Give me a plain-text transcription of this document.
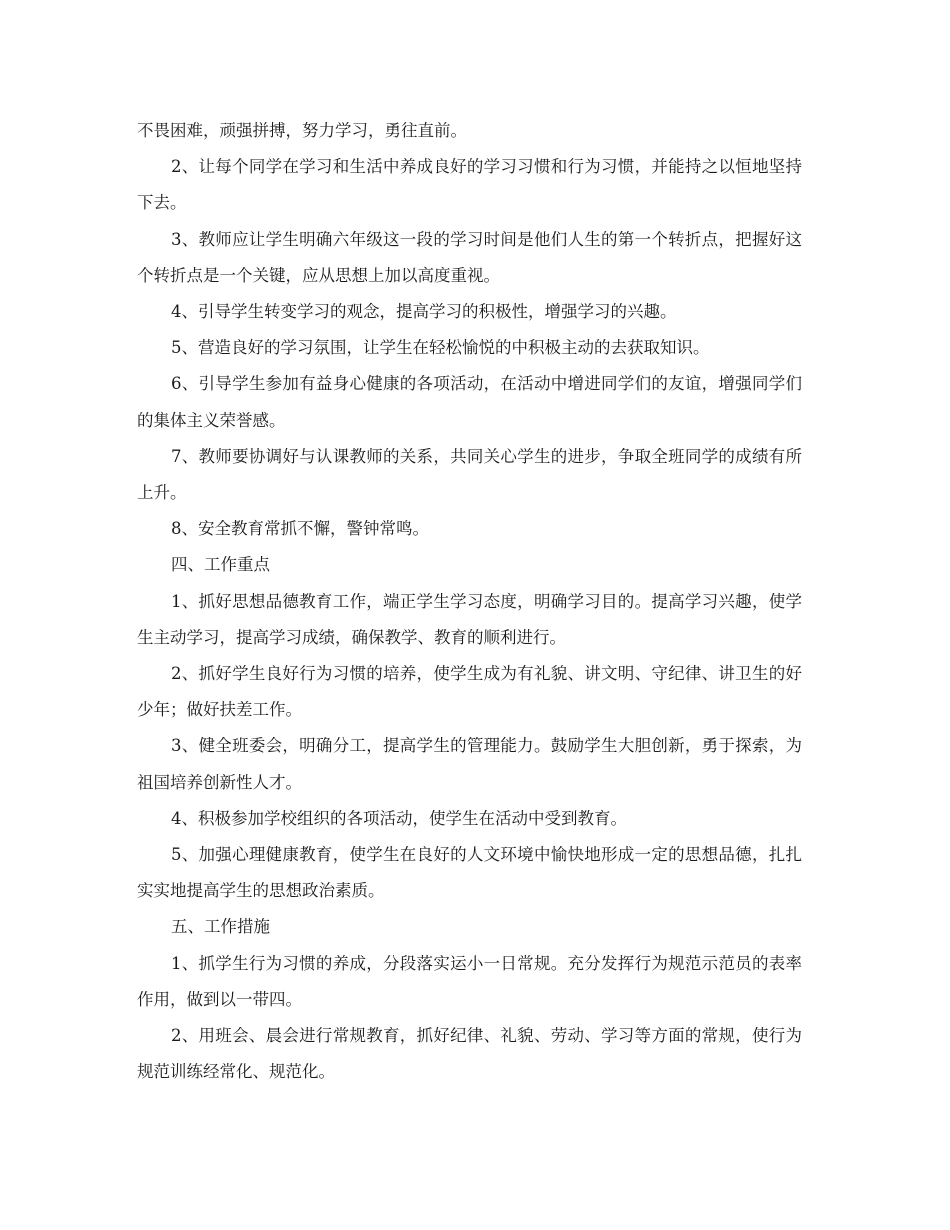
不畏困难，顽强拼搏，努力学习，勇往直前。

2、让每个同学在学习和生活中养成良好的学习习惯和行为习惯，并能持之以恒地坚持下去。

3、教师应让学生明确六年级这一段的学习时间是他们人生的第一个转折点，把握好这个转折点是一个关键，应从思想上加以高度重视。

4、引导学生转变学习的观念，提高学习的积极性，增强学习的兴趣。

5、营造良好的学习氛围，让学生在轻松愉悦的中积极主动的去获取知识。

6、引导学生参加有益身心健康的各项活动，在活动中增进同学们的友谊，增强同学们的集体主义荣誉感。

7、教师要协调好与认课教师的关系，共同关心学生的进步，争取全班同学的成绩有所上升。

8、安全教育常抓不懈，警钟常鸣。

四、工作重点

1、抓好思想品德教育工作，端正学生学习态度，明确学习目的。提高学习兴趣，使学生主动学习，提高学习成绩，确保教学、教育的顺利进行。

2、抓好学生良好行为习惯的培养，使学生成为有礼貌、讲文明、守纪律、讲卫生的好少年；做好扶差工作。

3、健全班委会，明确分工，提高学生的管理能力。鼓励学生大胆创新，勇于探索，为祖国培养创新性人才。

4、积极参加学校组织的各项活动，使学生在活动中受到教育。

5、加强心理健康教育，使学生在良好的人文环境中愉快地形成一定的思想品德，扎扎实实地提高学生的思想政治素质。

五、工作措施

1、抓学生行为习惯的养成，分段落实运小一日常规。充分发挥行为规范示范员的表率作用，做到以一带四。

2、用班会、晨会进行常规教育，抓好纪律、礼貌、劳动、学习等方面的常规，使行为规范训练经常化、规范化。
